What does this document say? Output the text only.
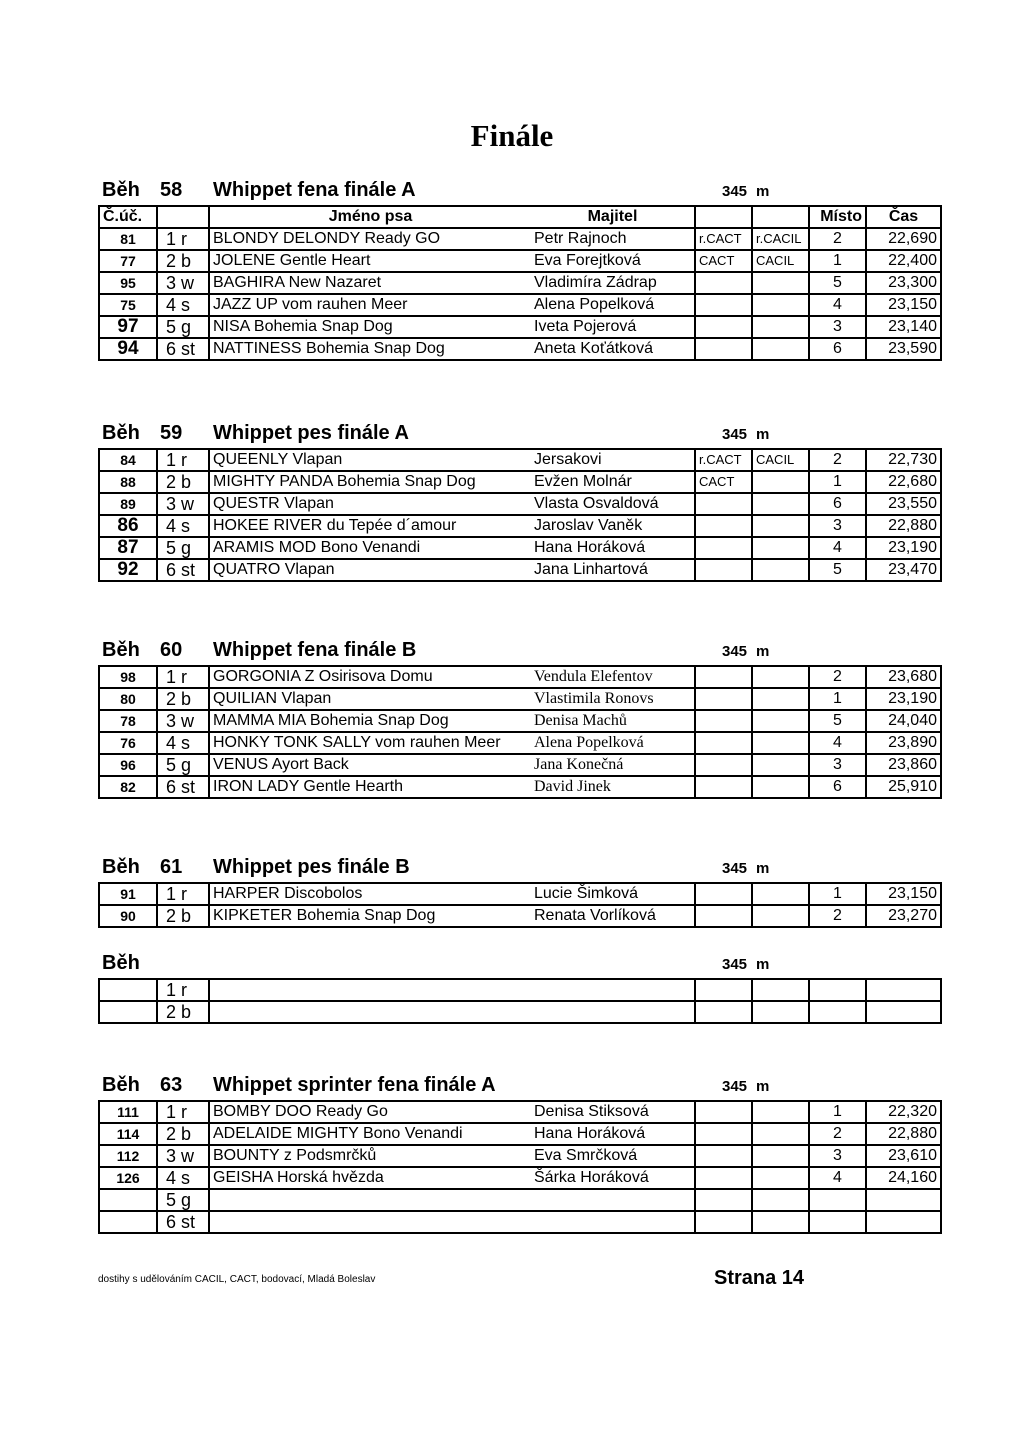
Finále
Běh 58 Whippet fena finále A	345 m
Č.úč.		Jméno psa	Majitel			Místo	Čas
81	1 r	BLONDY DELONDY Ready GO	Petr Rajnoch	r.CACT	r.CACIL	2	22,690
77	2 b	JOLENE Gentle Heart	Eva Forejtková	CACT	CACIL	1	22,400
95	3 w	BAGHIRA New Nazaret	Vladimíra Zádrap			5	23,300
75	4 s	JAZZ UP vom rauhen Meer	Alena Popelková			4	23,150
97	5 g	NISA Bohemia Snap Dog	Iveta Pojerová			3	23,140
94	6 st	NATTINESS Bohemia Snap Dog	Aneta Koťátková			6	23,590
Běh 59 Whippet pes finále A	345 m
84	1 r	QUEENLY Vlapan	Jersakovi	r.CACT	CACIL	2	22,730
88	2 b	MIGHTY PANDA Bohemia Snap Dog	Evžen Molnár	CACT		1	22,680
89	3 w	QUESTR Vlapan	Vlasta Osvaldová			6	23,550
86	4 s	HOKEE RIVER du Tepée d´amour	Jaroslav Vaněk			3	22,880
87	5 g	ARAMIS MOD Bono Venandi	Hana Horáková			4	23,190
92	6 st	QUATRO Vlapan	Jana Linhartová			5	23,470
Běh 60 Whippet fena finále B	345 m
98	1 r	GORGONIA Z Osirisova Domu	Vendula Elefentov			2	23,680
80	2 b	QUILIAN Vlapan	Vlastimila Ronovs			1	23,190
78	3 w	MAMMA MIA Bohemia Snap Dog	Denisa Machů			5	24,040
76	4 s	HONKY TONK SALLY vom rauhen Meer	Alena Popelková			4	23,890
96	5 g	VENUS Ayort Back	Jana Konečná			3	23,860
82	6 st	IRON LADY Gentle Hearth	David Jinek			6	25,910
Běh 61 Whippet pes finále B	345 m
91	1 r	HARPER Discobolos	Lucie Šimková			1	23,150
90	2 b	KIPKETER Bohemia Snap Dog	Renata Vorlíková			2	23,270
Běh	345 m
	1 r						
	2 b						
Běh 63 Whippet sprinter fena finále A	345 m
111	1 r	BOMBY DOO Ready Go	Denisa Stiksová			1	22,320
114	2 b	ADELAIDE MIGHTY Bono Venandi	Hana Horáková			2	22,880
112	3 w	BOUNTY z Podsmrčků	Eva Smrčková			3	23,610
126	4 s	GEISHA Horská hvězda	Šárka Horáková			4	24,160
	5 g						
	6 st						
dostihy s udělováním CACIL, CACT, bodovací, Mladá Boleslav	Strana 14
